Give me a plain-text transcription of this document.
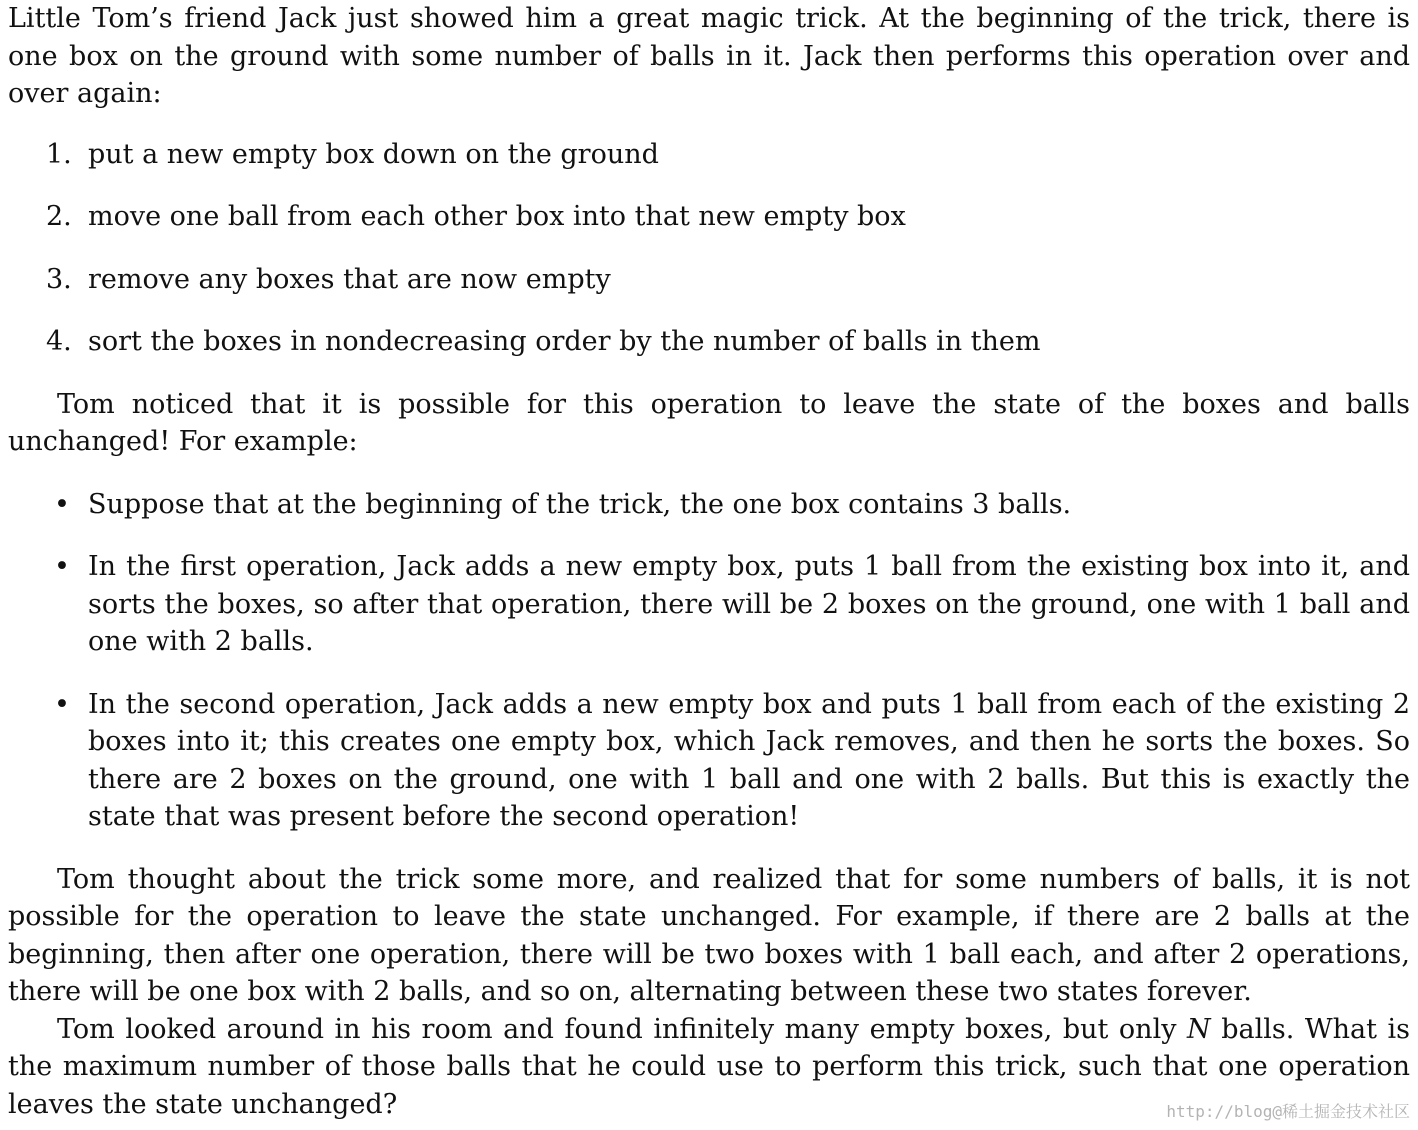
Little Tom’s friend Jack just showed him a great magic trick. At the beginning of the trick, there is one box on the ground with some number of balls in it. Jack then performs this operation over and over again:

1. put a new empty box down on the ground
2. move one ball from each other box into that new empty box
3. remove any boxes that are now empty
4. sort the boxes in nondecreasing order by the number of balls in them

Tom noticed that it is possible for this operation to leave the state of the boxes and balls unchanged! For example:

• Suppose that at the beginning of the trick, the one box contains 3 balls.
• In the first operation, Jack adds a new empty box, puts 1 ball from the existing box into it, and sorts the boxes, so after that operation, there will be 2 boxes on the ground, one with 1 ball and one with 2 balls.
• In the second operation, Jack adds a new empty box and puts 1 ball from each of the existing 2 boxes into it; this creates one empty box, which Jack removes, and then he sorts the boxes. So there are 2 boxes on the ground, one with 1 ball and one with 2 balls. But this is exactly the state that was present before the second operation!

Tom thought about the trick some more, and realized that for some numbers of balls, it is not possible for the operation to leave the state unchanged. For example, if there are 2 balls at the beginning, then after one operation, there will be two boxes with 1 ball each, and after 2 operations, there will be one box with 2 balls, and so on, alternating between these two states forever.

Tom looked around in his room and found infinitely many empty boxes, but only N balls. What is the maximum number of those balls that he could use to perform this trick, such that one operation leaves the state unchanged?	http://blog@稀土掘金技术社区
